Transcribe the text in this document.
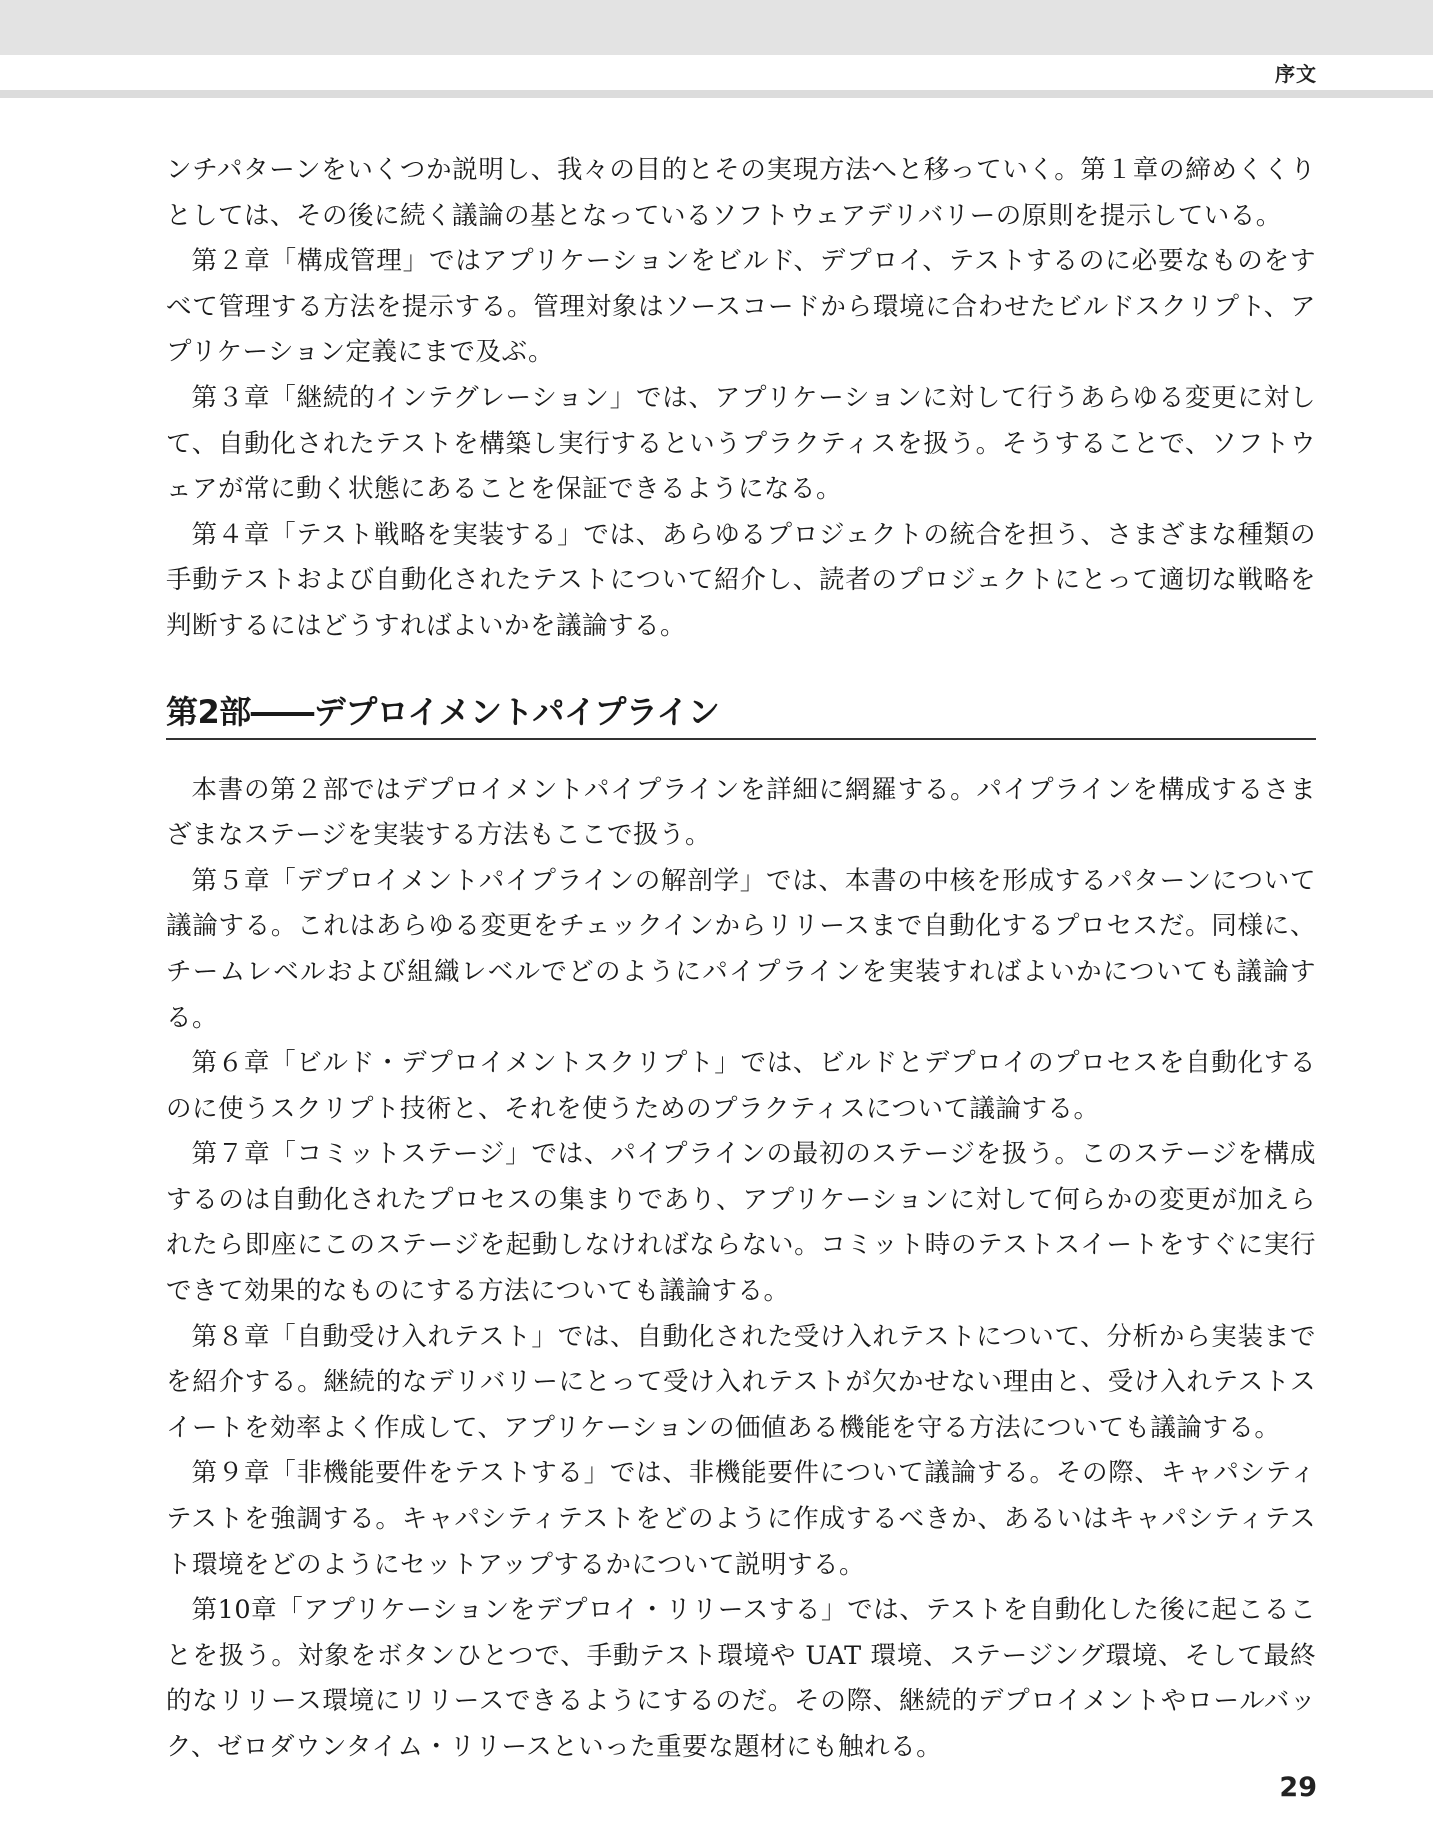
序文

ンチパターンをいくつか説明し、我々の目的とその実現方法へと移っていく。第１章の締めくくりとしては、その後に続く議論の基となっているソフトウェアデリバリーの原則を提示している。

第２章「構成管理」ではアプリケーションをビルド、デプロイ、テストするのに必要なものをすべて管理する方法を提示する。管理対象はソースコードから環境に合わせたビルドスクリプト、アプリケーション定義にまで及ぶ。

第３章「継続的インテグレーション」では、アプリケーションに対して行うあらゆる変更に対して、自動化されたテストを構築し実行するというプラクティスを扱う。そうすることで、ソフトウェアが常に動く状態にあることを保証できるようになる。

第４章「テスト戦略を実装する」では、あらゆるプロジェクトの統合を担う、さまざまな種類の手動テストおよび自動化されたテストについて紹介し、読者のプロジェクトにとって適切な戦略を判断するにはどうすればよいかを議論する。

第2部――デプロイメントパイプライン

本書の第２部ではデプロイメントパイプラインを詳細に網羅する。パイプラインを構成するさまざまなステージを実装する方法もここで扱う。

第５章「デプロイメントパイプラインの解剖学」では、本書の中核を形成するパターンについて議論する。これはあらゆる変更をチェックインからリリースまで自動化するプロセスだ。同様に、チームレベルおよび組織レベルでどのようにパイプラインを実装すればよいかについても議論する。

第６章「ビルド・デプロイメントスクリプト」では、ビルドとデプロイのプロセスを自動化するのに使うスクリプト技術と、それを使うためのプラクティスについて議論する。

第７章「コミットステージ」では、パイプラインの最初のステージを扱う。このステージを構成するのは自動化されたプロセスの集まりであり、アプリケーションに対して何らかの変更が加えられたら即座にこのステージを起動しなければならない。コミット時のテストスイートをすぐに実行できて効果的なものにする方法についても議論する。

第８章「自動受け入れテスト」では、自動化された受け入れテストについて、分析から実装までを紹介する。継続的なデリバリーにとって受け入れテストが欠かせない理由と、受け入れテストスイートを効率よく作成して、アプリケーションの価値ある機能を守る方法についても議論する。

第９章「非機能要件をテストする」では、非機能要件について議論する。その際、キャパシティテストを強調する。キャパシティテストをどのように作成するべきか、あるいはキャパシティテスト環境をどのようにセットアップするかについて説明する。

第10章「アプリケーションをデプロイ・リリースする」では、テストを自動化した後に起こることを扱う。対象をボタンひとつで、手動テスト環境や UAT 環境、ステージング環境、そして最終的なリリース環境にリリースできるようにするのだ。その際、継続的デプロイメントやロールバック、ゼロダウンタイム・リリースといった重要な題材にも触れる。

29
